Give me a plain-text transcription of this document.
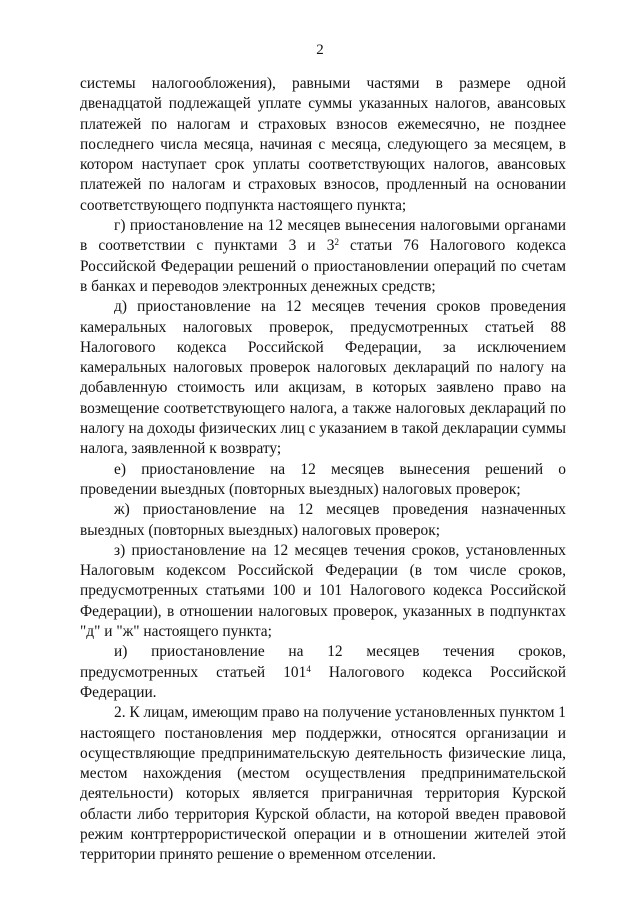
2

системы налогообложения), равными частями в размере одной двенадцатой подлежащей уплате суммы указанных налогов, авансовых платежей по налогам и страховых взносов ежемесячно, не позднее последнего числа месяца, начиная с месяца, следующего за месяцем, в котором наступает срок уплаты соответствующих налогов, авансовых платежей по налогам и страховых взносов, продленный на основании соответствующего подпункта настоящего пункта;

г) приостановление на 12 месяцев вынесения налоговыми органами в соответствии с пунктами 3 и $3^2$ статьи 76 Налогового кодекса Российской Федерации решений о приостановлении операций по счетам в банках и переводов электронных денежных средств;

д) приостановление на 12 месяцев течения сроков проведения камеральных налоговых проверок, предусмотренных статьей 88 Налогового кодекса Российской Федерации, за исключением камеральных налоговых проверок налоговых деклараций по налогу на добавленную стоимость или акцизам, в которых заявлено право на возмещение соответствующего налога, а также налоговых деклараций по налогу на доходы физических лиц с указанием в такой декларации суммы налога, заявленной к возврату;

е) приостановление на 12 месяцев вынесения решений о проведении выездных (повторных выездных) налоговых проверок;

ж) приостановление на 12 месяцев проведения назначенных выездных (повторных выездных) налоговых проверок;

з) приостановление на 12 месяцев течения сроков, установленных Налоговым кодексом Российской Федерации (в том числе сроков, предусмотренных статьями 100 и 101 Налогового кодекса Российской Федерации), в отношении налоговых проверок, указанных в подпунктах "д" и "ж" настоящего пункта;

и) приостановление на 12 месяцев течения сроков, предусмотренных статьей $101^4$ Налогового кодекса Российской Федерации.

2. К лицам, имеющим право на получение установленных пунктом 1 настоящего постановления мер поддержки, относятся организации и осуществляющие предпринимательскую деятельность физические лица, местом нахождения (местом осуществления предпринимательской деятельности) которых является приграничная территория Курской области либо территория Курской области, на которой введен правовой режим контртеррористической операции и в отношении жителей этой территории принято решение о временном отселении.
